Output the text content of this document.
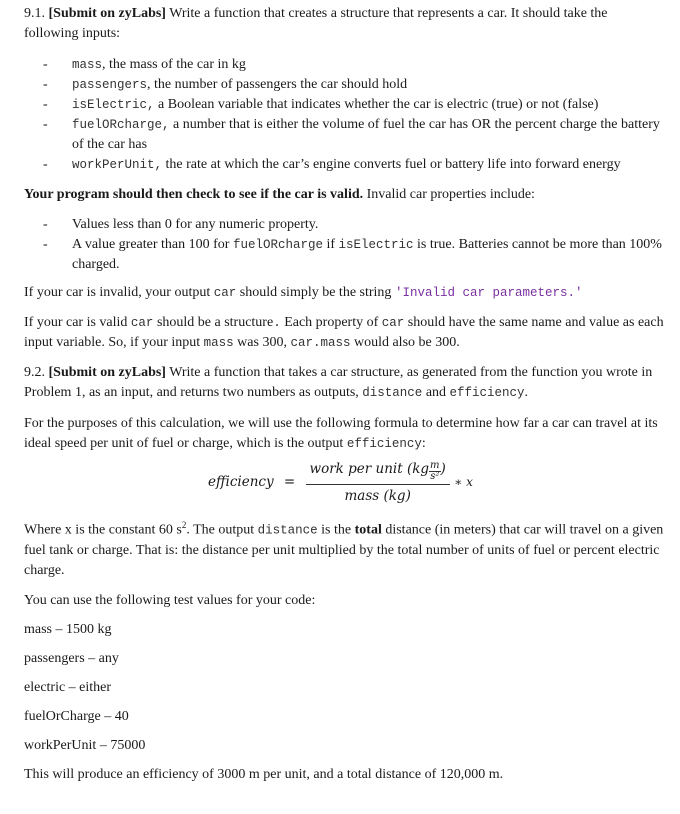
9.1. [Submit on zyLabs] Write a function that creates a structure that represents a car. It should take the following inputs:

- mass, the mass of the car in kg
- passengers, the number of passengers the car should hold
- isElectric, a Boolean variable that indicates whether the car is electric (true) or not (false)
- fuelORcharge, a number that is either the volume of fuel the car has OR the percent charge the battery of the car has
- workPerUnit, the rate at which the car’s engine converts fuel or battery life into forward energy

Your program should then check to see if the car is valid. Invalid car properties include:

- Values less than 0 for any numeric property.
- A value greater than 100 for fuelORcharge if isElectric is true. Batteries cannot be more than 100% charged.

If your car is invalid, your output car should simply be the string 'Invalid car parameters.'

If your car is valid car should be a structure. Each property of car should have the same name and value as each input variable. So, if your input mass was 300, car.mass would also be 300.

9.2. [Submit on zyLabs] Write a function that takes a car structure, as generated from the function you wrote in Problem 1, as an input, and returns two numbers as outputs, distance and efficiency.

For the purposes of this calculation, we will use the following formula to determine how far a car can travel at its ideal speed per unit of fuel or charge, which is the output efficiency:

efficiency = $\frac{work per unit (kg \frac{m}{\text{s²}} )}{\text{mass (kg)}}$ ∗ x

Where x is the constant 60 $s^2$. The output distance is the total distance (in meters) that car will travel on a given fuel tank or charge. That is: the distance per unit multiplied by the total number of units of fuel or percent electric charge.

You can use the following test values for your code:

mass – 1500 kg

passengers – any

electric – either

fuelOrCharge – 40

workPerUnit – 75000

This will produce an efficiency of 3000 m per unit, and a total distance of 120,000 m.
